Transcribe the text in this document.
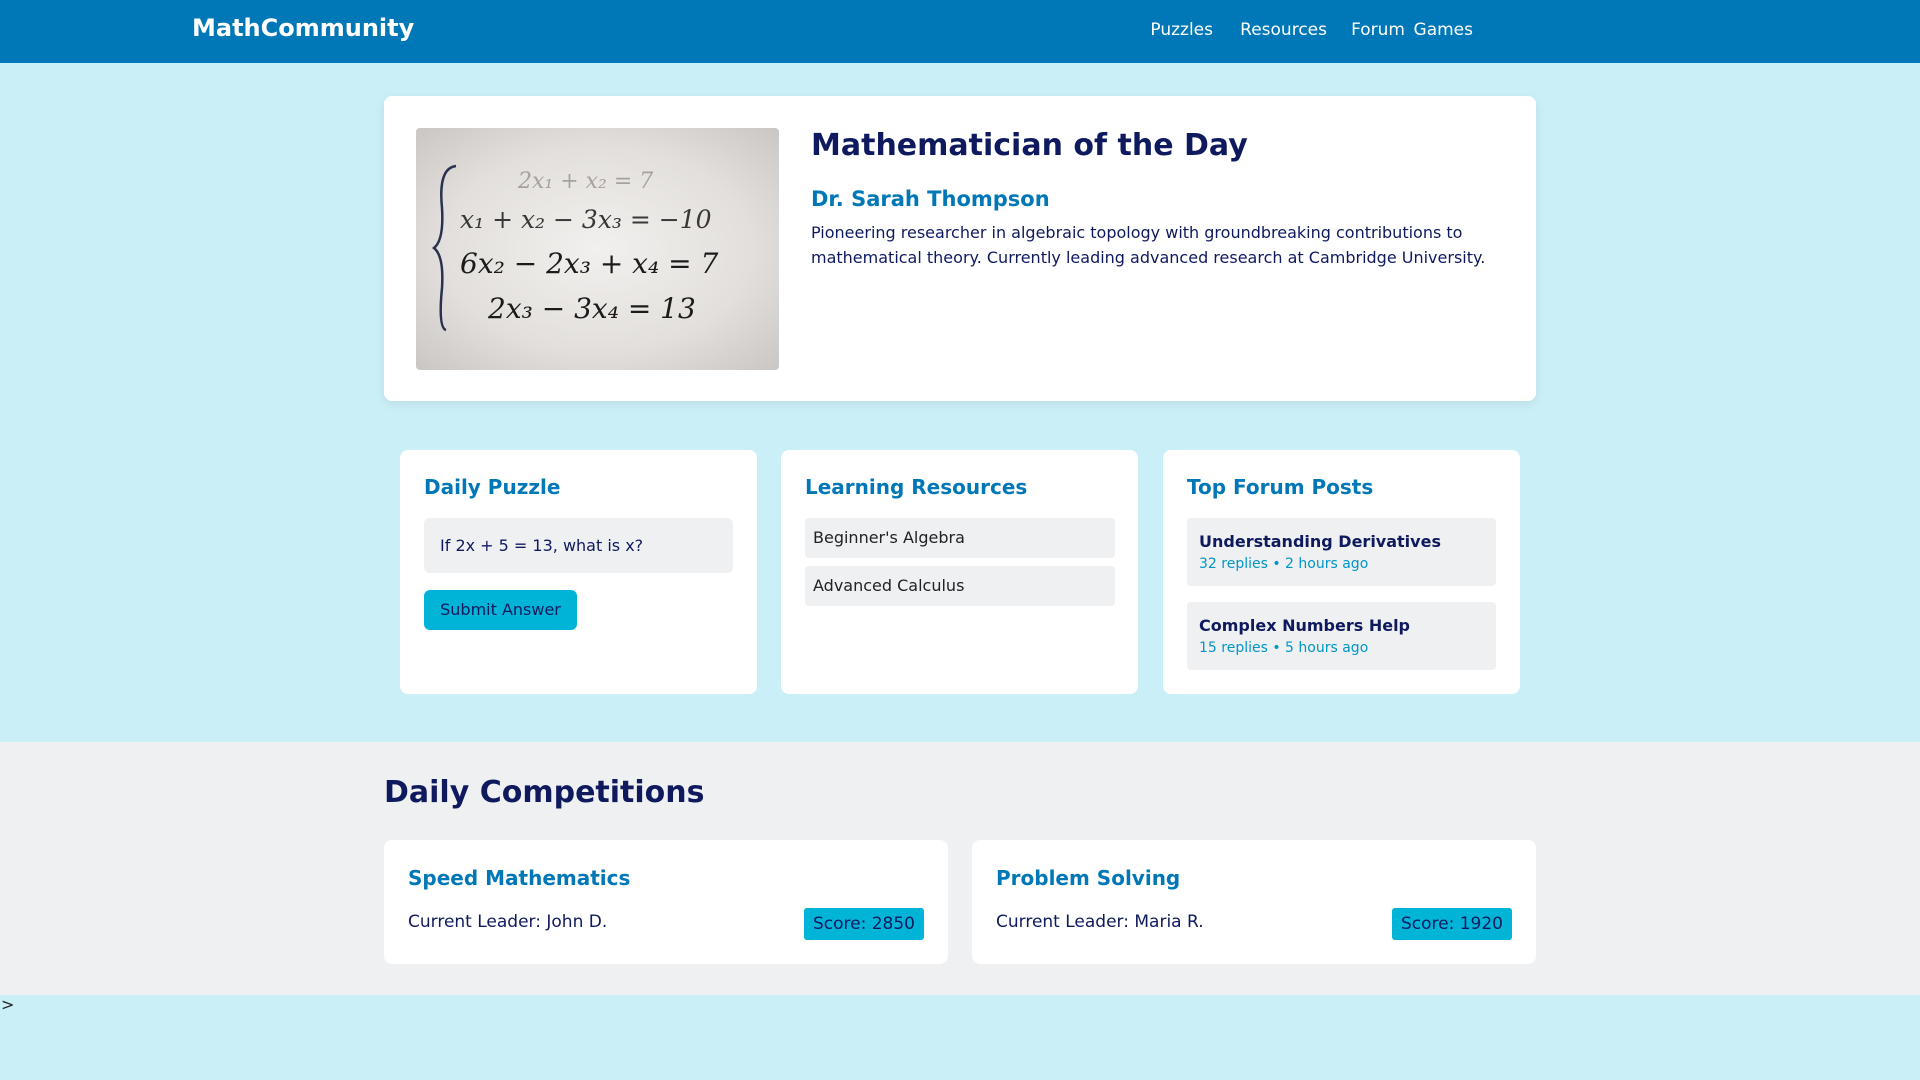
MathCommunity	Puzzles Resources Forum Games
2x₁ + x₂ = 7
x₁ + x₂ − 3x₃ = −10
6x₂ − 2x₃ + x₄ = 7
2x₃ − 3x₄ = 13
Mathematician of the Day
Dr. Sarah Thompson

Pioneering researcher in algebraic topology with groundbreaking contributions to mathematical theory. Currently leading advanced research at Cambridge University.

Daily Puzzle
If 2x + 5 = 13, what is x?
Submit Answer
Learning Resources
Beginner's Algebra
Advanced Calculus
Top Forum Posts
Understanding Derivatives
32 replies • 2 hours ago
Complex Numbers Help
15 replies • 5 hours ago
Daily Competitions
Speed Mathematics
Current Leader: John D.	Score: 2850
Problem Solving
Current Leader: Maria R.	Score: 1920
>
